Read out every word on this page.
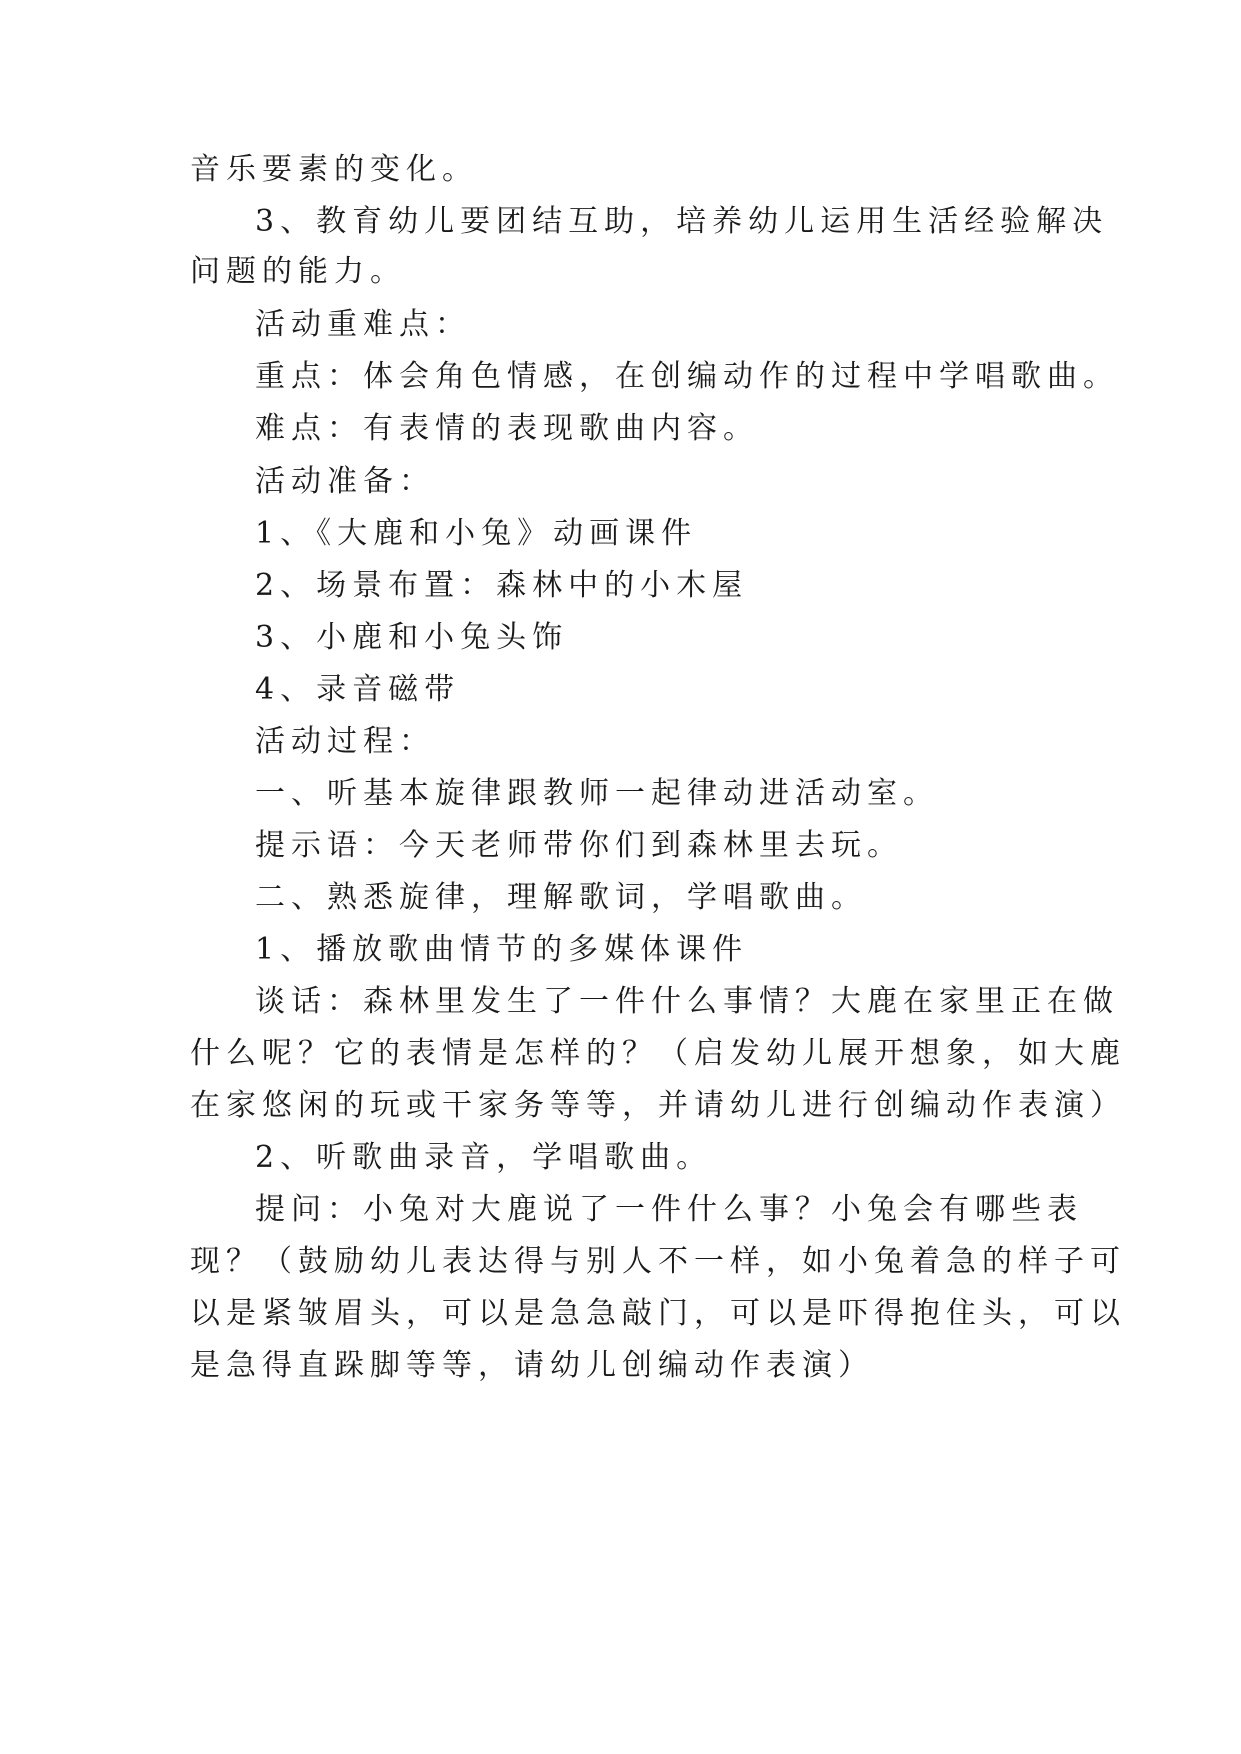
音乐要素的变化。
3、教育幼儿要团结互助，培养幼儿运用生活经验解决
问题的能力。
活动重难点：
重点：体会角色情感，在创编动作的过程中学唱歌曲。
难点：有表情的表现歌曲内容。
活动准备：
1、《大鹿和小兔》动画课件
2、场景布置：森林中的小木屋
3、小鹿和小兔头饰
4、录音磁带
活动过程：
一、听基本旋律跟教师一起律动进活动室。
提示语：今天老师带你们到森林里去玩。
二、熟悉旋律，理解歌词，学唱歌曲。
1、播放歌曲情节的多媒体课件
谈话：森林里发生了一件什么事情？大鹿在家里正在做
什么呢？它的表情是怎样的？（启发幼儿展开想象，如大鹿
在家悠闲的玩或干家务等等，并请幼儿进行创编动作表演）
2、听歌曲录音，学唱歌曲。
提问：小兔对大鹿说了一件什么事？小兔会有哪些表
现？（鼓励幼儿表达得与别人不一样，如小兔着急的样子可
以是紧皱眉头，可以是急急敲门，可以是吓得抱住头，可以
是急得直跺脚等等，请幼儿创编动作表演）
